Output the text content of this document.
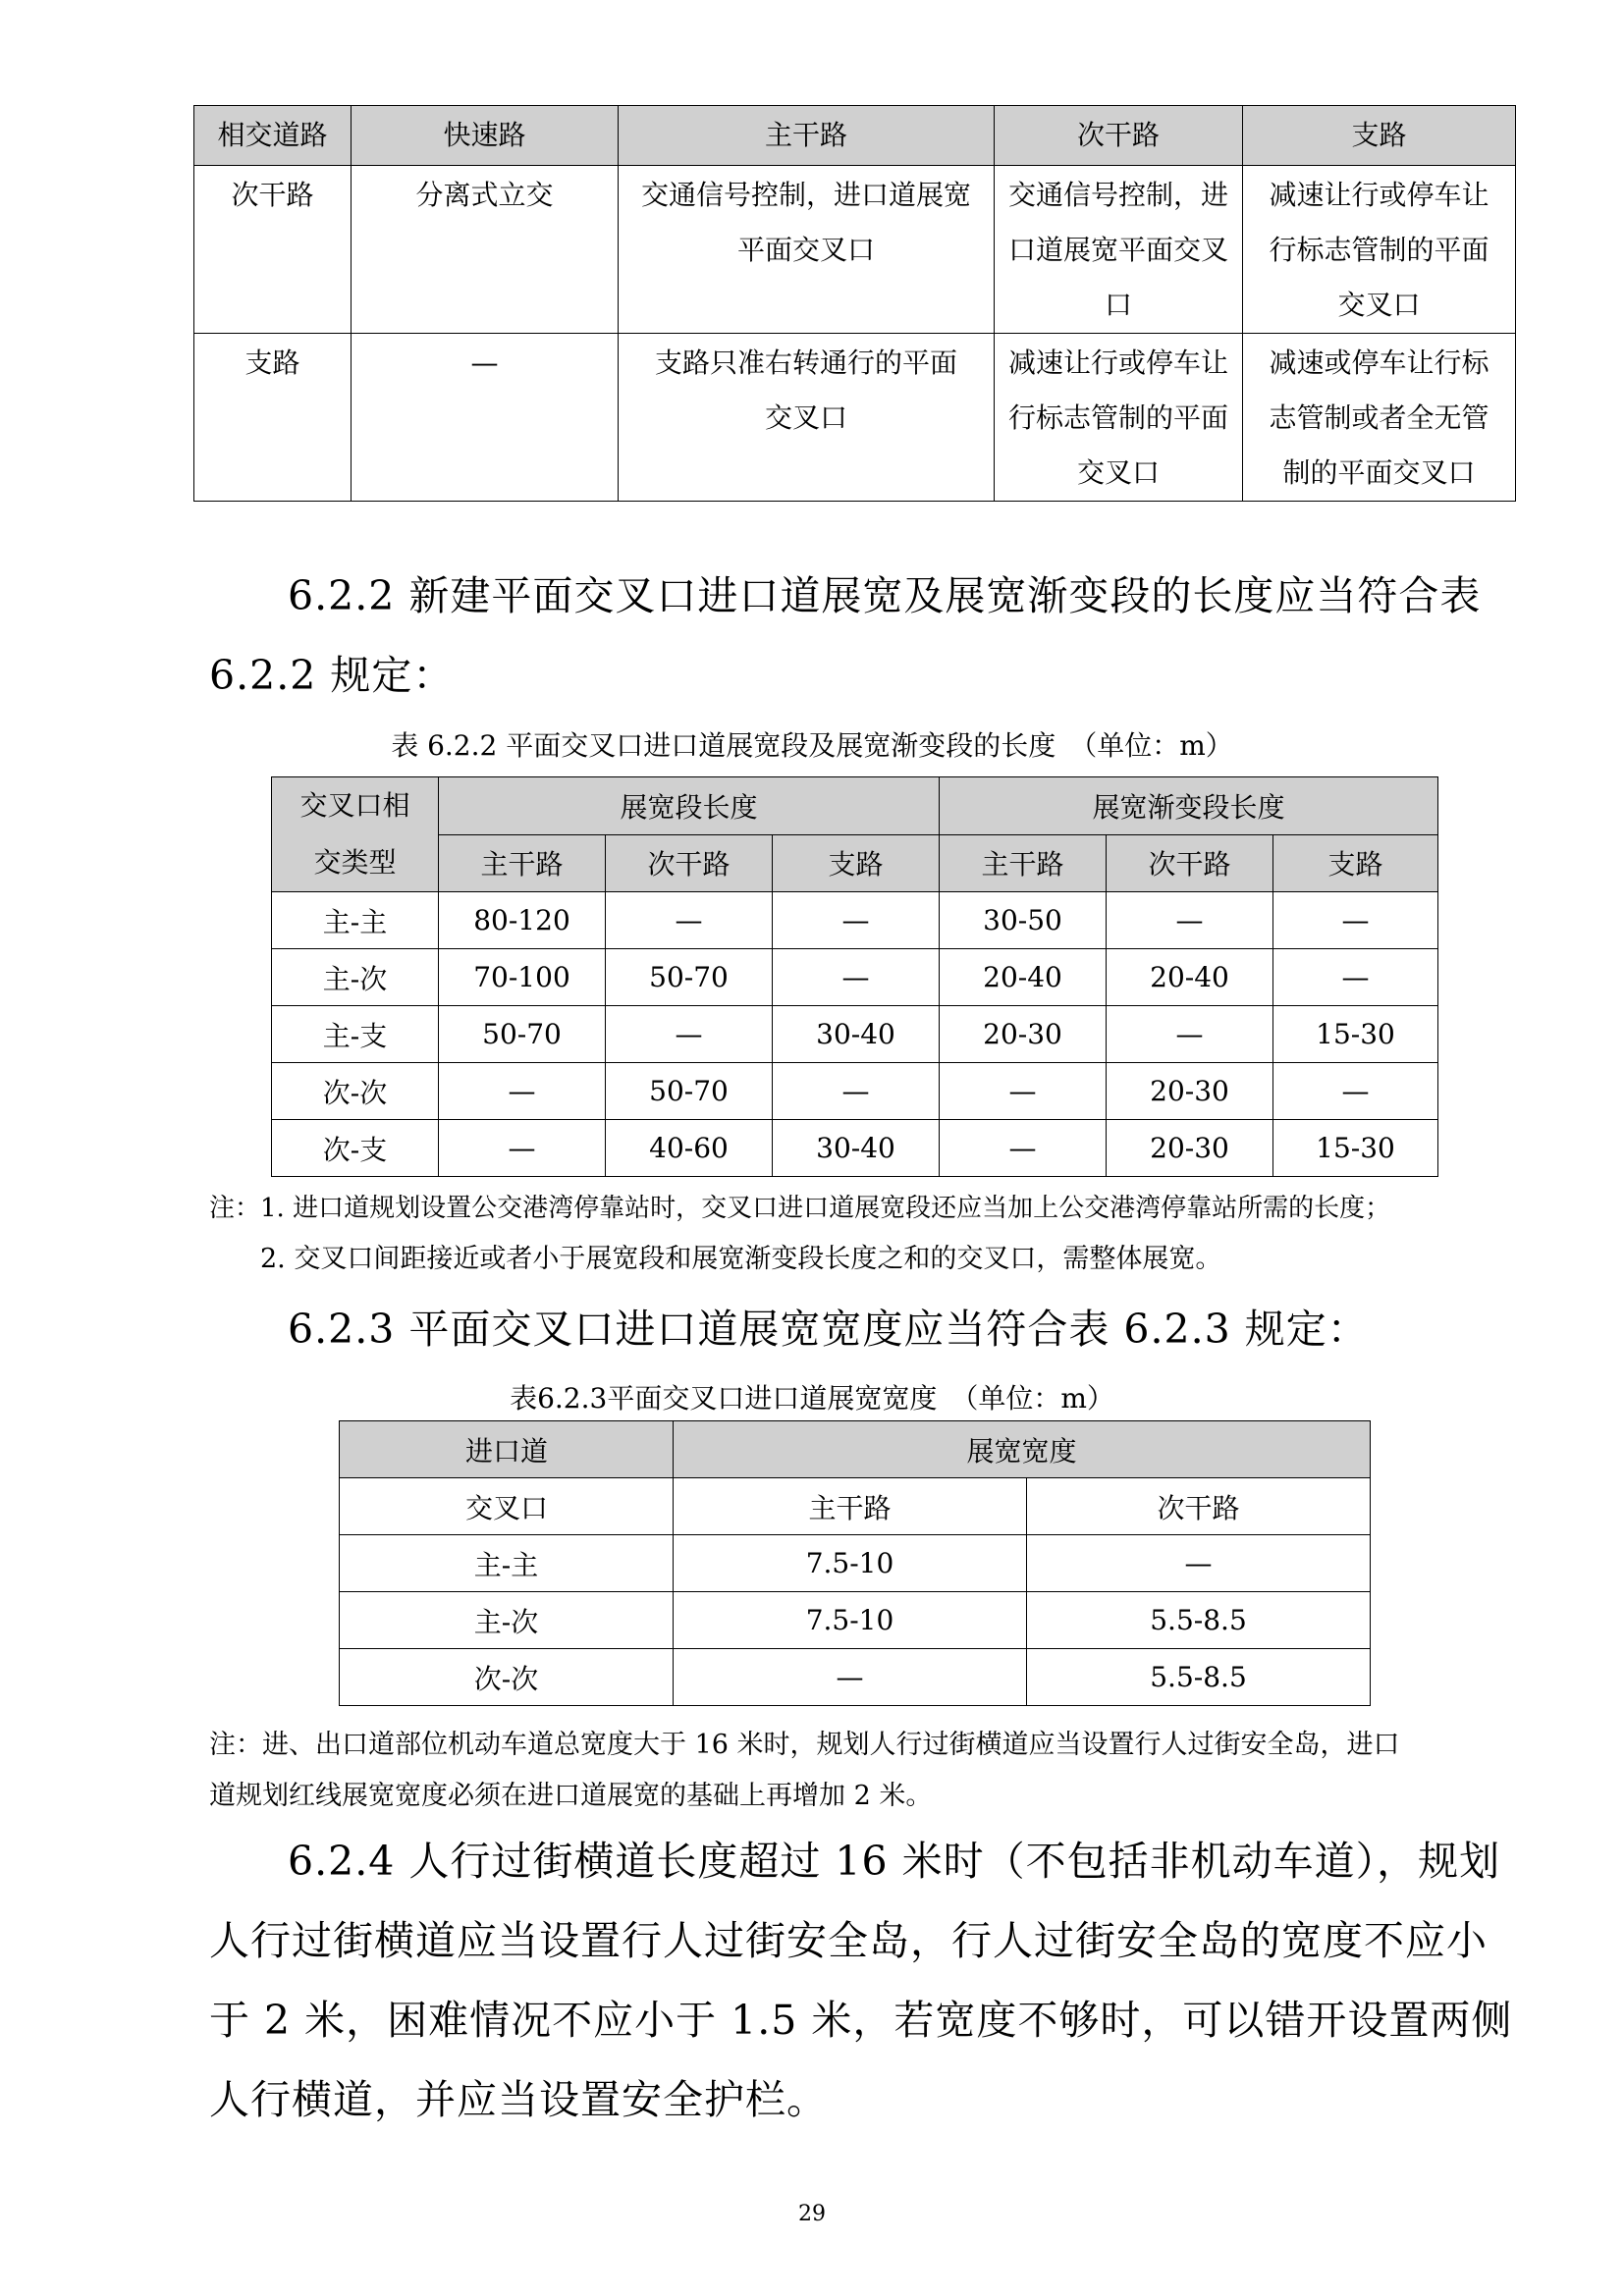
相交道路	快速路	主干路	次干路	支路
次干路	分离式立交	交通信号控制，进口道展宽平面交叉口	交通信号控制，进口道展宽平面交叉口	减速让行或停车让行标志管制的平面交叉口
支路	—	支路只准右转通行的平面交叉口	减速让行或停车让行标志管制的平面交叉口	减速或停车让行标志管制或者全无管制的平面交叉口

6.2.2 新建平面交叉口进口道展宽及展宽渐变段的长度应当符合表 6.2.2 规定：

表 6.2.2 平面交叉口进口道展宽段及展宽渐变段的长度　（单位：m）
交叉口相交类型	展宽段长度			展宽渐变段长度		
	主干路	次干路	支路	主干路	次干路	支路
主-主	80-120	—	—	30-50	—	—
主-次	70-100	50-70	—	20-40	20-40	—
主-支	50-70	—	30-40	20-30	—	15-30
次-次	—	50-70	—	—	20-30	—
次-支	—	40-60	30-40	—	20-30	15-30
注：1. 进口道规划设置公交港湾停靠站时，交叉口进口道展宽段还应当加上公交港湾停靠站所需的长度；
2. 交叉口间距接近或者小于展宽段和展宽渐变段长度之和的交叉口，需整体展宽。

6.2.3 平面交叉口进口道展宽宽度应当符合表 6.2.3 规定：

表6.2.3平面交叉口进口道展宽宽度　（单位：m）
进口道	展宽宽度	
交叉口	主干路	次干路
主-主	7.5-10	—
主-次	7.5-10	5.5-8.5
次-次	—	5.5-8.5
注：进、出口道部位机动车道总宽度大于 16 米时，规划人行过街横道应当设置行人过街安全岛，进口
道规划红线展宽宽度必须在进口道展宽的基础上再增加 2 米。

6.2.4 人行过街横道长度超过 16 米时（不包括非机动车道），规划人行过街横道应当设置行人过街安全岛，行人过街安全岛的宽度不应小于 2 米，困难情况不应小于 1.5 米，若宽度不够时，可以错开设置两侧人行横道，并应当设置安全护栏。

29
